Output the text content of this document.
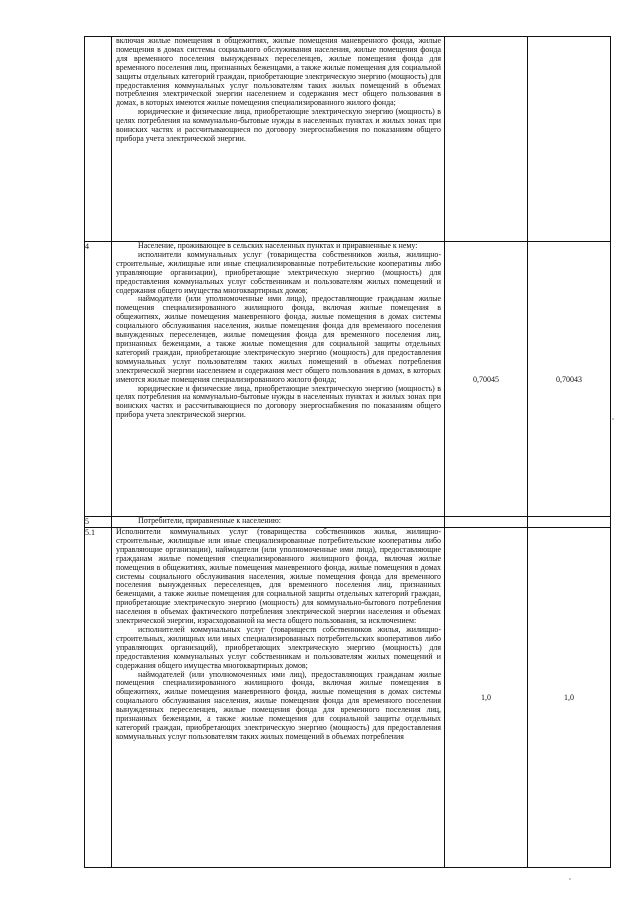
	включая жилые помещения в общежитиях, жилые помещения маневренного фонда, жилые помещения в домах системы социального обслуживания населения, жилые помещения фонда для временного поселения вынужденных переселенцев, жилые помещения фонда для временного поселения лиц, признанных беженцами, а также жилые помещения для социальной защиты отдельных категорий граждан, приобретающие электрическую энергию (мощность) для предоставления коммунальных услуг пользователям таких жилых помещений в объемах потребления электрической энергии населением и содержания мест общего пользования в домах, в которых имеются жилые помещения специализированного жилого фонда;

юридические и физические лица, приобретающие электрическую энергию (мощность) в целях потребления на коммунально-бытовые нужды в населенных пунктах и жилых зонах при воинских частях и рассчитывающиеся по договору энергоснабжения по показаниям общего прибора учета электрической энергии.		

4	Население, проживающее в сельских населенных пунктах и приравненные к нему:

исполнители коммунальных услуг (товарищества собственников жилья, жилищно-строительные, жилищные или иные специализированные потребительские кооперативы либо управляющие организации), приобретающие электрическую энергию (мощность) для предоставления коммунальных услуг собственникам и пользователям жилых помещений и содержания общего имущества многоквартирных домов;

наймодатели (или уполномоченные ими лица), предоставляющие гражданам жилые помещения специализированного жилищного фонда, включая жилые помещения в общежитиях, жилые помещения маневренного фонда, жилые помещения в домах системы социального обслуживания населения, жилые помещения фонда для временного поселения вынужденных переселенцев, жилые помещения фонда для временного поселения лиц, признанных беженцами, а также жилые помещения для социальной защиты отдельных категорий граждан, приобретающие электрическую энергию (мощность) для предоставления коммунальных услуг пользователям таких жилых помещений в объемах потребления электрической энергии населением и содержания мест общего пользования в домах, в которых имеются жилые помещения специализированного жилого фонда;

юридические и физические лица, приобретающие электрическую энергию (мощность) в целях потребления на коммунально-бытовые нужды в населенных пунктах и жилых зонах при воинских частях и рассчитывающиеся по договору энергоснабжения по показаниям общего прибора учета электрической энергии.	0,70045	0,70043
5	Потребители, приравненные к населению:		

5.1	Исполнители коммунальных услуг (товарищества собственников жилья, жилищно-строительные, жилищные или иные специализированные потребительские кооперативы либо управляющие организации), наймодатели (или уполномоченные ими лица), предоставляющие гражданам жилые помещения специализированного жилищного фонда, включая жилые помещения в общежитиях, жилые помещения маневренного фонда, жилые помещения в домах системы социального обслуживания населения, жилые помещения фонда для временного поселения вынужденных переселенцев, для временного поселения лиц, признанных беженцами, а также жилые помещения для социальной защиты отдельных категорий граждан, приобретающие электрическую энергию (мощность) для коммунально-бытового потребления населения в объемах фактического потребления электрической энергии населения и объемах электрической энергии, израсходованной на места общего пользования, за исключением:

исполнителей коммунальных услуг (товариществ собственников жилья, жилищно-строительных, жилищных или иных специализированных потребительских кооперативов либо управляющих организаций), приобретающих электрическую энергию (мощность) для предоставления коммунальных услуг собственникам и пользователям жилых помещений и содержания общего имущества многоквартирных домов;

наймодателей (или уполномоченных ими лиц), предоставляющих гражданам жилые помещения специализированного жилищного фонда, включая жилые помещения в общежитиях, жилые помещения маневренного фонда, жилые помещения в домах системы социального обслуживания населения, жилые помещения фонда для временного поселения вынужденных переселенцев, жилые помещения фонда для временного поселения лиц, признанных беженцами, а также жилые помещения для социальной защиты отдельных категорий граждан, приобретающих электрическую энергию (мощность) для предоставления коммунальных услуг пользователям таких жилых помещений в объемах потребления	1,0	1,0
